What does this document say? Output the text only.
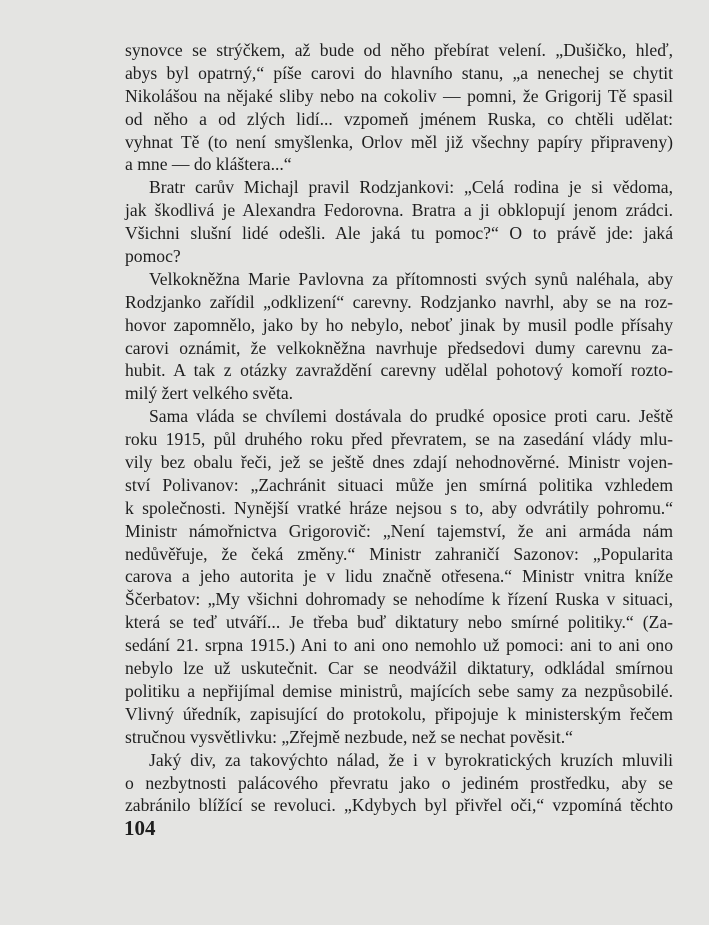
synovce se strýčkem, až bude od něho přebírat velení. „Dušičko, hleď,
abys byl opatrný,“ píše carovi do hlavního stanu, „a nenechej se chytit
Nikolášou na nějaké sliby nebo na cokoliv — pomni, že Grigorij Tě spasil
od něho a od zlých lidí... vzpomeň jménem Ruska, co chtěli udělat:
vyhnat Tě (to není smyšlenka, Orlov měl již všechny papíry připraveny)
a mne — do kláštera...“
Bratr carův Michajl pravil Rodzjankovi: „Celá rodina je si vědoma,
jak škodlivá je Alexandra Fedorovna. Bratra a ji obklopují jenom zrádci.
Všichni slušní lidé odešli. Ale jaká tu pomoc?“ O to právě jde: jaká
pomoc?
Velkokněžna Marie Pavlovna za přítomnosti svých synů naléhala, aby
Rodzjanko zařídil „odklizení“ carevny. Rodzjanko navrhl, aby se na roz-
hovor zapomnělo, jako by ho nebylo, neboť jinak by musil podle přísahy
carovi oznámit, že velkokněžna navrhuje předsedovi dumy carevnu za-
hubit. A tak z otázky zavraždění carevny udělal pohotový komoří rozto-
milý žert velkého světa.
Sama vláda se chvílemi dostávala do prudké oposice proti caru. Ještě
roku 1915, půl druhého roku před převratem, se na zasedání vlády mlu-
vily bez obalu řeči, jež se ještě dnes zdají nehodnověrné. Ministr vojen-
ství Polivanov: „Zachránit situaci může jen smírná politika vzhledem
k společnosti. Nynější vratké hráze nejsou s to, aby odvrátily pohromu.“
Ministr námořnictva Grigorovič: „Není tajemství, že ani armáda nám
nedůvěřuje, že čeká změny.“ Ministr zahraničí Sazonov: „Popularita
carova a jeho autorita je v lidu značně otřesena.“ Ministr vnitra kníže
Ščerbatov: „My všichni dohromady se nehodíme k řízení Ruska v situaci,
která se teď utváří... Je třeba buď diktatury nebo smírné politiky.“ (Za-
sedání 21. srpna 1915.) Ani to ani ono nemohlo už pomoci: ani to ani ono
nebylo lze už uskutečnit. Car se neodvážil diktatury, odkládal smírnou
politiku a nepřijímal demise ministrů, majících sebe samy za nezpůsobilé.
Vlivný úředník, zapisující do protokolu, připojuje k ministerským řečem
stručnou vysvětlivku: „Zřejmě nezbude, než se nechat pověsit.“
Jaký div, za takovýchto nálad, že i v byrokratických kruzích mluvili
o nezbytnosti palácového převratu jako o jediném prostředku, aby se
zabránilo blížící se revoluci. „Kdybych byl přivřel oči,“ vzpomíná těchto
104
